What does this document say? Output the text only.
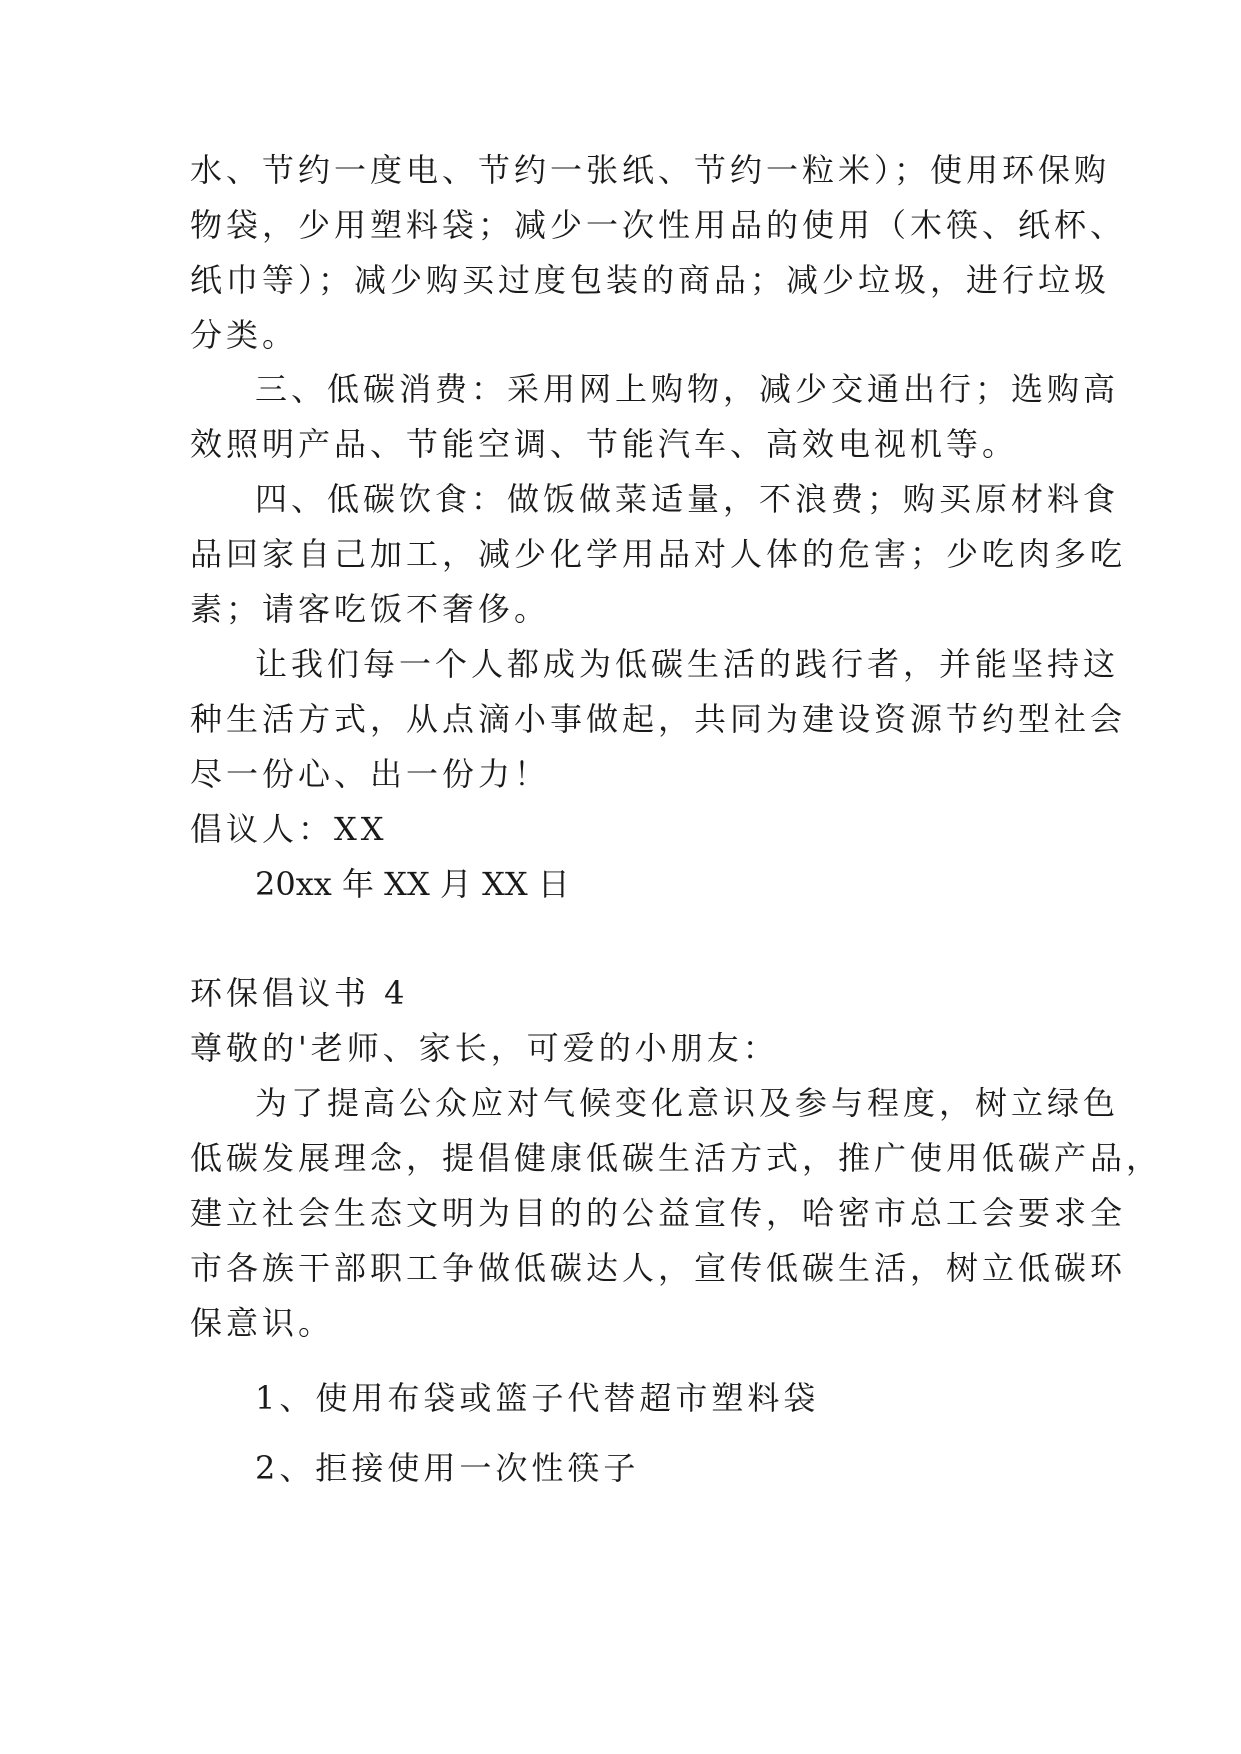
水、节约一度电、节约一张纸、节约一粒米）；使用环保购
物袋，少用塑料袋；减少一次性用品的使用（木筷、纸杯、
纸巾等）；减少购买过度包装的商品；减少垃圾，进行垃圾
分类。
三、低碳消费：采用网上购物，减少交通出行；选购高
效照明产品、节能空调、节能汽车、高效电视机等。
四、低碳饮食：做饭做菜适量，不浪费；购买原材料食
品回家自己加工，减少化学用品对人体的危害；少吃肉多吃
素；请客吃饭不奢侈。
让我们每一个人都成为低碳生活的践行者，并能坚持这
种生活方式，从点滴小事做起，共同为建设资源节约型社会
尽一份心、出一份力！
倡议人：XX
20xx 年 XX 月 XX 日
环保倡议书 4
尊敬的'老师、家长，可爱的小朋友：
为了提高公众应对气候变化意识及参与程度，树立绿色
低碳发展理念，提倡健康低碳生活方式，推广使用低碳产品，
建立社会生态文明为目的的公益宣传，哈密市总工会要求全
市各族干部职工争做低碳达人，宣传低碳生活，树立低碳环
保意识。
1、使用布袋或篮子代替超市塑料袋
2、拒接使用一次性筷子
